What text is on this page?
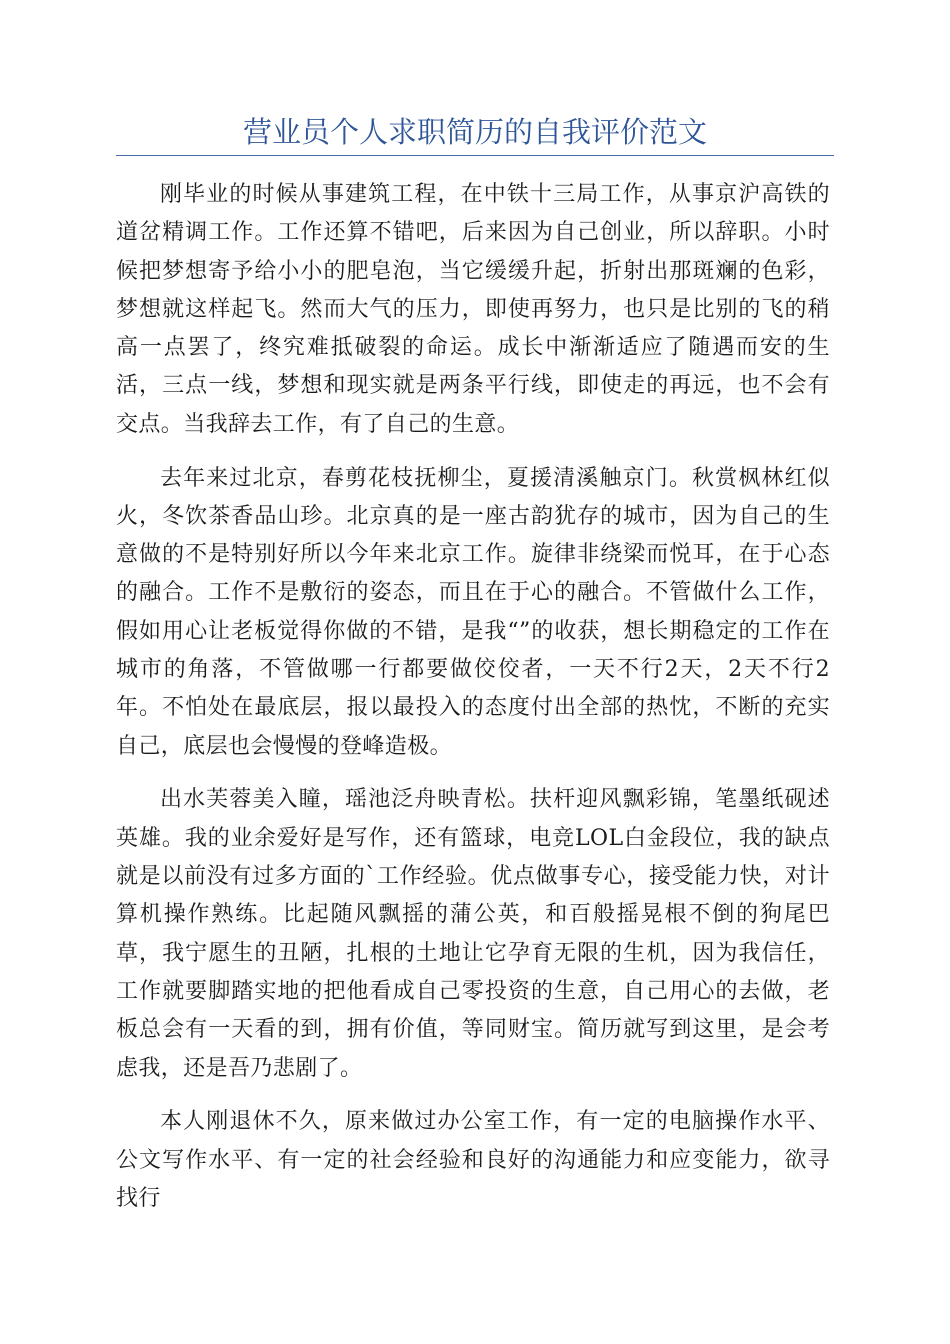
营业员个人求职简历的自我评价范文

刚毕业的时候从事建筑工程，在中铁十三局工作，从事京沪高铁的道岔精调工作。工作还算不错吧，后来因为自己创业，所以辞职。小时候把梦想寄予给小小的肥皂泡，当它缓缓升起，折射出那斑斓的色彩，梦想就这样起飞。然而大气的压力，即使再努力，也只是比别的飞的稍高一点罢了，终究难抵破裂的命运。成长中渐渐适应了随遇而安的生活，三点一线，梦想和现实就是两条平行线，即使走的再远，也不会有交点。当我辞去工作，有了自己的生意。

去年来过北京，春剪花枝抚柳尘，夏援清溪触京门。秋赏枫林红似火，冬饮茶香品山珍。北京真的是一座古韵犹存的城市，因为自己的生意做的不是特别好所以今年来北京工作。旋律非绕梁而悦耳，在于心态的融合。工作不是敷衍的姿态，而且在于心的融合。不管做什么工作，假如用心让老板觉得你做的不错，是我“”的收获，想长期稳定的工作在城市的角落，不管做哪一行都要做佼佼者，一天不行2天，2天不行2年。不怕处在最底层，报以最投入的态度付出全部的热忱，不断的充实自己，底层也会慢慢的登峰造极。

出水芙蓉美入瞳，瑶池泛舟映青松。扶杆迎风飘彩锦，笔墨纸砚述英雄。我的业余爱好是写作，还有篮球，电竞LOL白金段位，我的缺点就是以前没有过多方面的`工作经验。优点做事专心，接受能力快，对计算机操作熟练。比起随风飘摇的蒲公英，和百般摇晃根不倒的狗尾巴草，我宁愿生的丑陋，扎根的土地让它孕育无限的生机，因为我信任，工作就要脚踏实地的把他看成自己零投资的生意，自己用心的去做，老板总会有一天看的到，拥有价值，等同财宝。简历就写到这里，是会考虑我，还是吾乃悲剧了。

本人刚退休不久，原来做过办公室工作，有一定的电脑操作水平、公文写作水平、有一定的社会经验和良好的沟通能力和应变能力，欲寻找行
